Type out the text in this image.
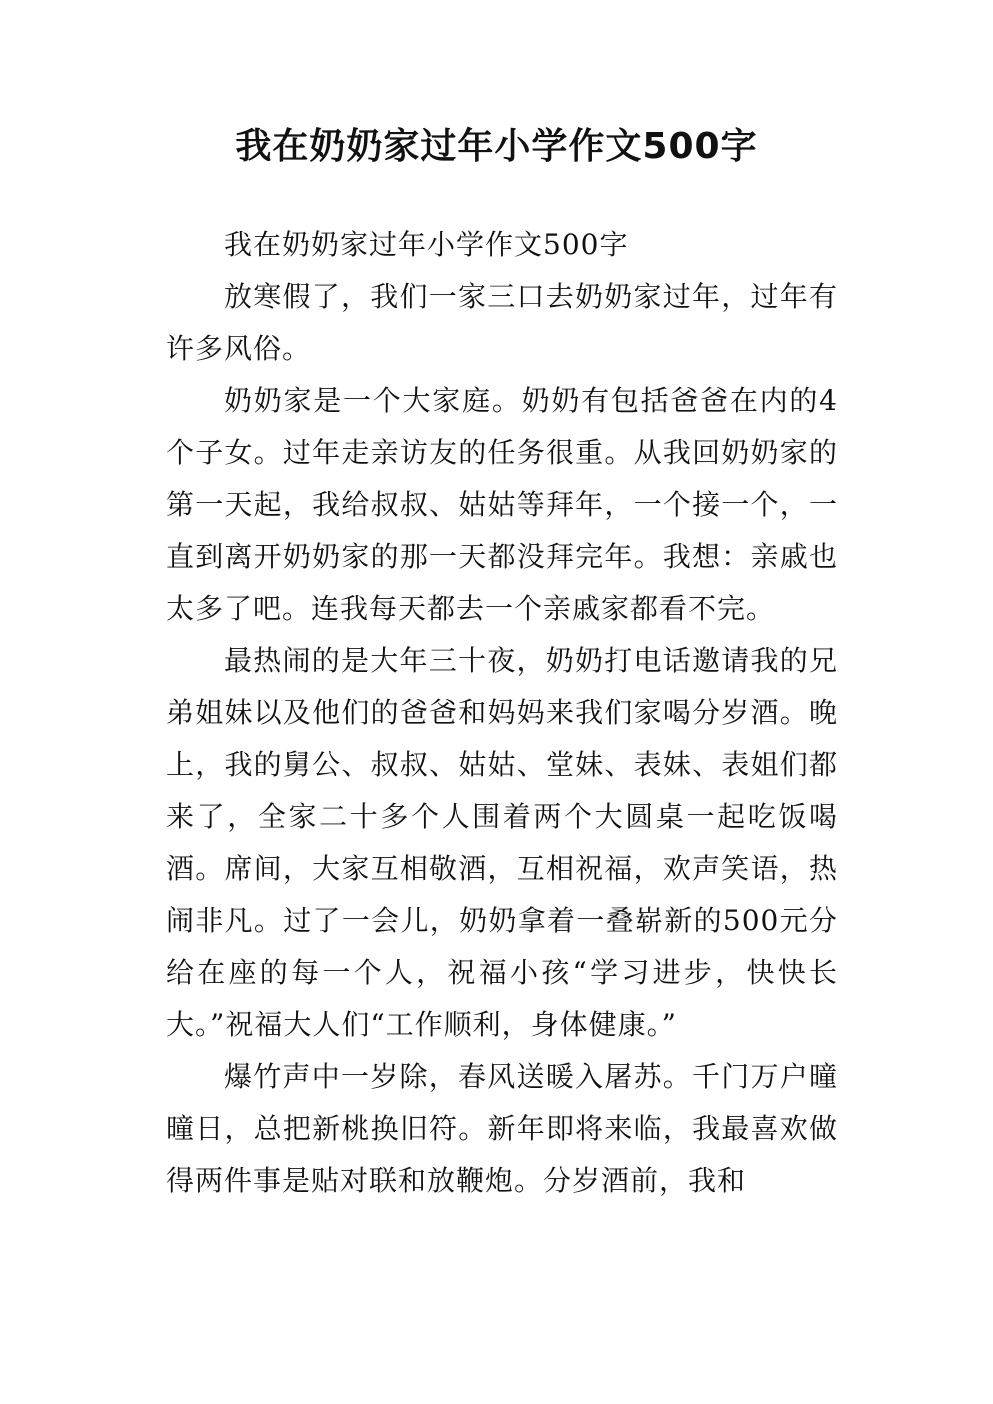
我在奶奶家过年小学作文500字

我在奶奶家过年小学作文500字

放寒假了，我们一家三口去奶奶家过年，过年有许多风俗。

奶奶家是一个大家庭。奶奶有包括爸爸在内的4个子女。过年走亲访友的任务很重。从我回奶奶家的第一天起，我给叔叔、姑姑等拜年，一个接一个，一直到离开奶奶家的那一天都没拜完年。我想：亲戚也太多了吧。连我每天都去一个亲戚家都看不完。

最热闹的是大年三十夜，奶奶打电话邀请我的兄弟姐妹以及他们的爸爸和妈妈来我们家喝分岁酒。晚上，我的舅公、叔叔、姑姑、堂妹、表妹、表姐们都来了，全家二十多个人围着两个大圆桌一起吃饭喝酒。席间，大家互相敬酒，互相祝福，欢声笑语，热闹非凡。过了一会儿，奶奶拿着一叠崭新的500元分给在座的每一个人，祝福小孩“学习进步，快快长大。”祝福大人们“工作顺利，身体健康。”

爆竹声中一岁除，春风送暖入屠苏。千门万户曈曈日，总把新桃换旧符。新年即将来临，我最喜欢做得两件事是贴对联和放鞭炮。分岁酒前，我和
